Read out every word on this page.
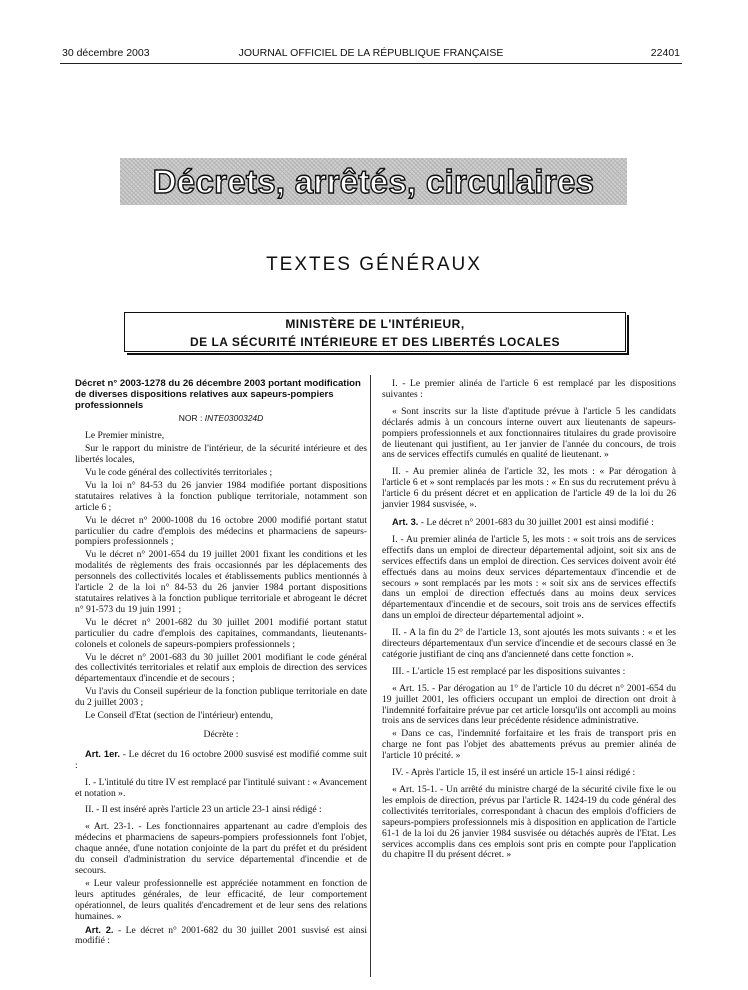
30 décembre 2003	JOURNAL OFFICIEL DE LA RÉPUBLIQUE FRANÇAISE	22401
Décrets, arrêtés, circulaires
TEXTES GÉNÉRAUX
MINISTÈRE DE L'INTÉRIEUR,
DE LA SÉCURITÉ INTÉRIEURE ET DES LIBERTÉS LOCALES
Décret n° 2003-1278 du 26 décembre 2003 portant modification de diverses dispositions relatives aux sapeurs-pompiers professionnels
NOR : INTE0300324D

Le Premier ministre,

Sur le rapport du ministre de l'intérieur, de la sécurité intérieure et des libertés locales,

Vu le code général des collectivités territoriales ;

Vu la loi n° 84-53 du 26 janvier 1984 modifiée portant dispositions statutaires relatives à la fonction publique territoriale, notamment son article 6 ;

Vu le décret n° 2000-1008 du 16 octobre 2000 modifié portant statut particulier du cadre d'emplois des médecins et pharmaciens de sapeurs-pompiers professionnels ;

Vu le décret n° 2001-654 du 19 juillet 2001 fixant les conditions et les modalités de règlements des frais occasionnés par les déplacements des personnels des collectivités locales et établissements publics mentionnés à l'article 2 de la loi n° 84-53 du 26 janvier 1984 portant dispositions statutaires relatives à la fonction publique territoriale et abrogeant le décret n° 91-573 du 19 juin 1991 ;

Vu le décret n° 2001-682 du 30 juillet 2001 modifié portant statut particulier du cadre d'emplois des capitaines, commandants, lieutenants-colonels et colonels de sapeurs-pompiers professionnels ;

Vu le décret n° 2001-683 du 30 juillet 2001 modifiant le code général des collectivités territoriales et relatif aux emplois de direction des services départementaux d'incendie et de secours ;

Vu l'avis du Conseil supérieur de la fonction publique territoriale en date du 2 juillet 2003 ;

Le Conseil d'Etat (section de l'intérieur) entendu,

Décrète :

Art. 1er. - Le décret du 16 octobre 2000 susvisé est modifié comme suit :

I. - L'intitulé du titre IV est remplacé par l'intitulé suivant : « Avancement et notation ».

II. - Il est inséré après l'article 23 un article 23-1 ainsi rédigé :

« Art. 23-1. - Les fonctionnaires appartenant au cadre d'emplois des médecins et pharmaciens de sapeurs-pompiers professionnels font l'objet, chaque année, d'une notation conjointe de la part du préfet et du président du conseil d'administration du service départemental d'incendie et de secours.

« Leur valeur professionnelle est appréciée notamment en fonction de leurs aptitudes générales, de leur efficacité, de leur comportement opérationnel, de leurs qualités d'encadrement et de leur sens des relations humaines. »

Art. 2. - Le décret n° 2001-682 du 30 juillet 2001 susvisé est ainsi modifié :

I. - Le premier alinéa de l'article 6 est remplacé par les dispositions suivantes :

« Sont inscrits sur la liste d'aptitude prévue à l'article 5 les candidats déclarés admis à un concours interne ouvert aux lieutenants de sapeurs-pompiers professionnels et aux fonctionnaires titulaires du grade provisoire de lieutenant qui justifient, au 1er janvier de l'année du concours, de trois ans de services effectifs cumulés en qualité de lieutenant. »

II. - Au premier alinéa de l'article 32, les mots : « Par dérogation à l'article 6 et » sont remplacés par les mots : « En sus du recrutement prévu à l'article 6 du présent décret et en application de l'article 49 de la loi du 26 janvier 1984 susvisée, ».

Art. 3. - Le décret n° 2001-683 du 30 juillet 2001 est ainsi modifié :

I. - Au premier alinéa de l'article 5, les mots : « soit trois ans de services effectifs dans un emploi de directeur départemental adjoint, soit six ans de services effectifs dans un emploi de direction. Ces services doivent avoir été effectués dans au moins deux services départementaux d'incendie et de secours » sont remplacés par les mots : « soit six ans de services effectifs dans un emploi de direction effectués dans au moins deux services départementaux d'incendie et de secours, soit trois ans de services effectifs dans un emploi de directeur départemental adjoint ».

II. - A la fin du 2° de l'article 13, sont ajoutés les mots suivants : « et les directeurs départementaux d'un service d'incendie et de secours classé en 3e catégorie justifiant de cinq ans d'ancienneté dans cette fonction ».

III. - L'article 15 est remplacé par les dispositions suivantes :

« Art. 15. - Par dérogation au 1° de l'article 10 du décret n° 2001-654 du 19 juillet 2001, les officiers occupant un emploi de direction ont droit à l'indemnité forfaitaire prévue par cet article lorsqu'ils ont accompli au moins trois ans de services dans leur précédente résidence administrative.

« Dans ce cas, l'indemnité forfaitaire et les frais de transport pris en charge ne font pas l'objet des abattements prévus au premier alinéa de l'article 10 précité. »

IV. - Après l'article 15, il est inséré un article 15-1 ainsi rédigé :

« Art. 15-1. - Un arrêté du ministre chargé de la sécurité civile fixe le ou les emplois de direction, prévus par l'article R. 1424-19 du code général des collectivités territoriales, correspondant à chacun des emplois d'officiers de sapeurs-pompiers professionnels mis à disposition en application de l'article 61-1 de la loi du 26 janvier 1984 susvisée ou détachés auprès de l'Etat. Les services accomplis dans ces emplois sont pris en compte pour l'application du chapitre II du présent décret. »
